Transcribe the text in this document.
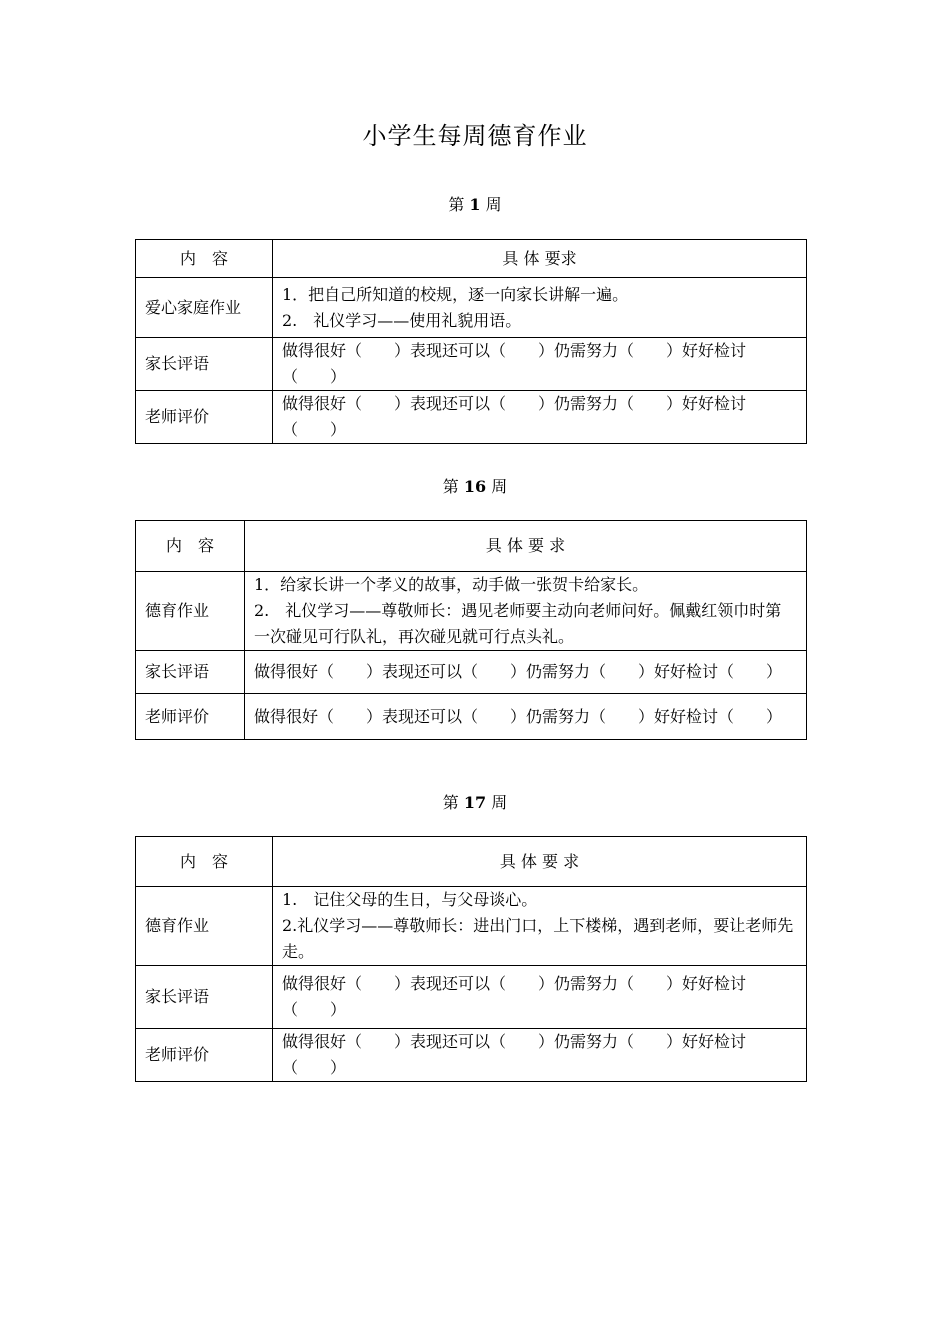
小学生每周德育作业
第 1 周
内　容	具 体 要求
爱心家庭作业	1．把自己所知道的校规，逐一向家长讲解一遍。
2.　礼仪学习——使用礼貌用语。

家长评语	做得很好（　　）表现还可以（　　）仍需努力（　　）好好检讨（　　）
老师评价	做得很好（　　）表现还可以（　　）仍需努力（　　）好好检讨（　　）
第 16 周
内　容	具 体 要 求
德育作业	1．给家长讲一个孝义的故事，动手做一张贺卡给家长。
2.　礼仪学习——尊敬师长：遇见老师要主动向老师问好。佩戴红领巾时第一次碰见可行队礼，再次碰见就可行点头礼。

家长评语	做得很好（　　）表现还可以（　　）仍需努力（　　）好好检讨（　　）
老师评价	做得很好（　　）表现还可以（　　）仍需努力（　　）好好检讨（　　）
第 17 周
内　容	具 体 要 求
德育作业	1.　记住父母的生日，与父母谈心。
2.礼仪学习——尊敬师长：进出门口，上下楼梯，遇到老师，要让老师先走。

家长评语	做得很好（　　）表现还可以（　　）仍需努力（　　）好好检讨（　　）
老师评价	做得很好（　　）表现还可以（　　）仍需努力（　　）好好检讨（　　）
